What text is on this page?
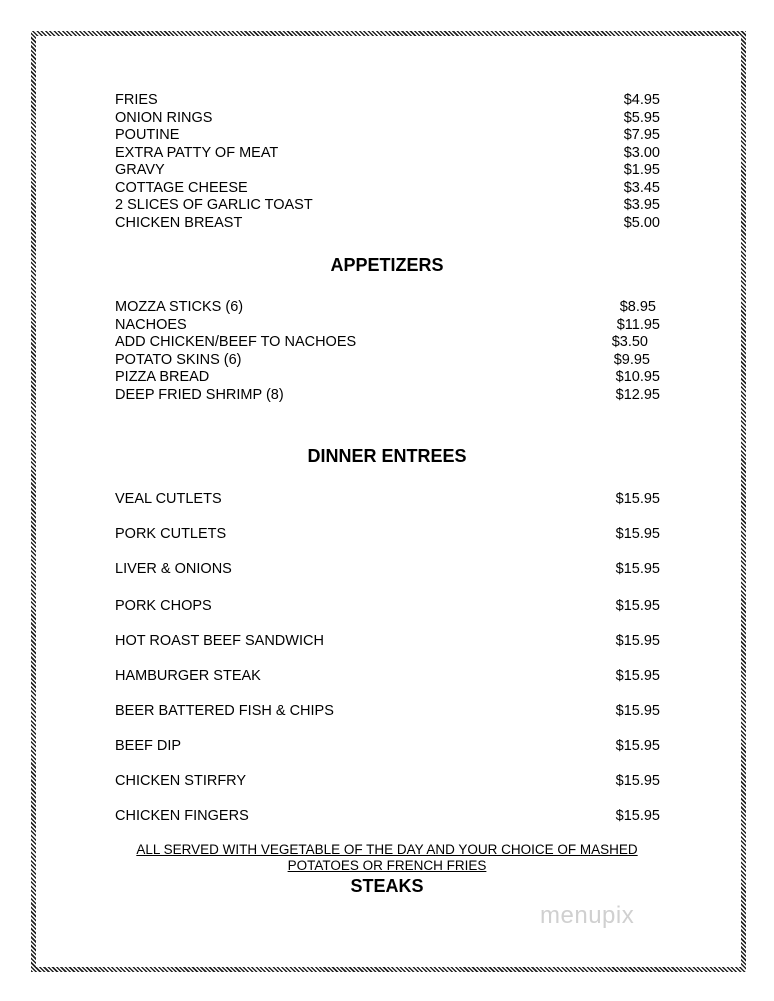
FRIES	$4.95
ONION RINGS	$5.95
POUTINE	$7.95
EXTRA PATTY OF MEAT	$3.00
GRAVY	$1.95
COTTAGE CHEESE	$3.45
2 SLICES OF GARLIC TOAST	$3.95
CHICKEN BREAST	$5.00
APPETIZERS
MOZZA STICKS (6)	$8.95
NACHOES	$11.95
ADD CHICKEN/BEEF TO NACHOES	$3.50
POTATO SKINS (6)	$9.95
PIZZA BREAD	$10.95
DEEP FRIED SHRIMP (8)	$12.95
DINNER ENTREES
VEAL CUTLETS	$15.95
PORK CUTLETS	$15.95
LIVER & ONIONS	$15.95
PORK CHOPS	$15.95
HOT ROAST BEEF SANDWICH	$15.95
HAMBURGER STEAK	$15.95
BEER BATTERED FISH & CHIPS	$15.95
BEEF DIP	$15.95
CHICKEN STIRFRY	$15.95
CHICKEN FINGERS	$15.95
ALL SERVED WITH VEGETABLE OF THE DAY AND YOUR CHOICE OF MASHED
POTATOES OR FRENCH FRIES
STEAKS
menupix
